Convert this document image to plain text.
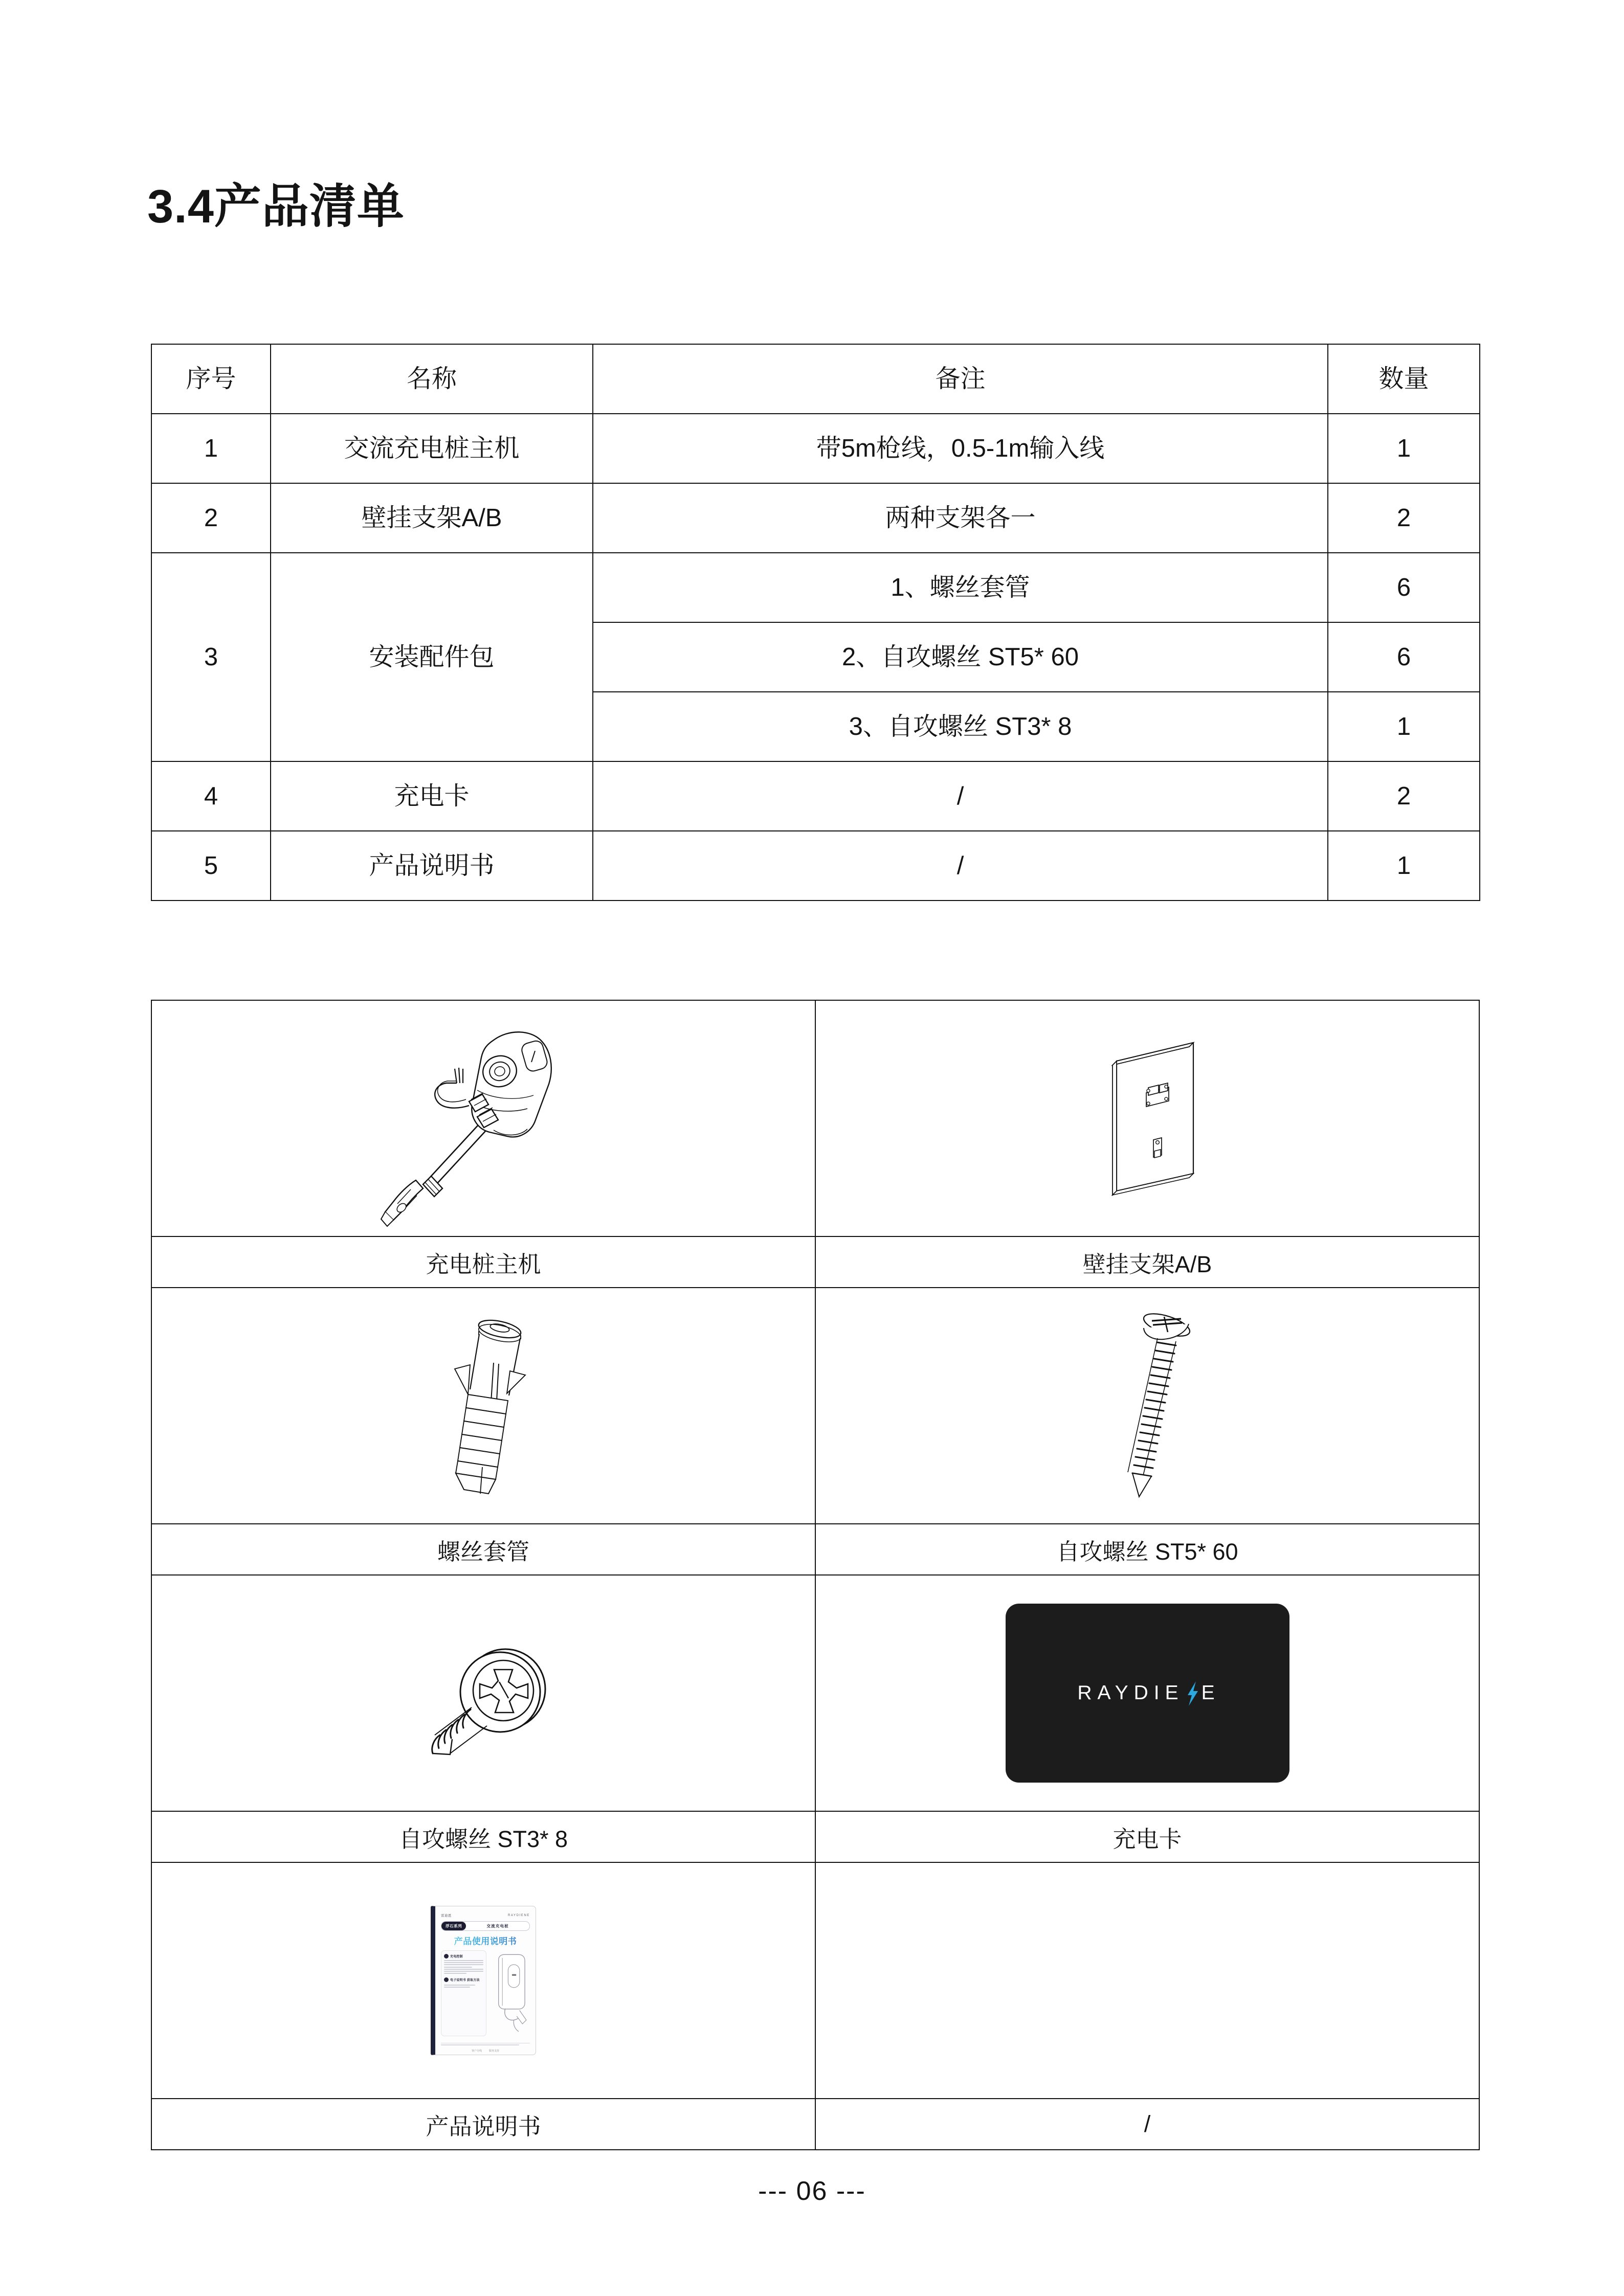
3.4产品清单
序号	名称	备注	数量
1	交流充电桩主机	带5m枪线，0.5-1m输入线	1
2	壁挂支架A/B	两种支架各一	2
3	安装配件包	1、螺丝套管	6
		2、自攻螺丝 ST5* 60	6
		3、自攻螺丝 ST3* 8	1
4	充电卡	/	2
5	产品说明书	/	1

充电桩主机	壁挂支架A/B

螺丝套管	自攻螺丝 ST5* 60

RAYDIE E

自攻螺丝 ST3* 8	充电卡

雷迪恩	RAYDIENE
浮石系列	交流充电桩
产品使用说明书
充电控制
电子说明书 获取方法
客户专线	服务支持

产品说明书	/
--- 06 ---
